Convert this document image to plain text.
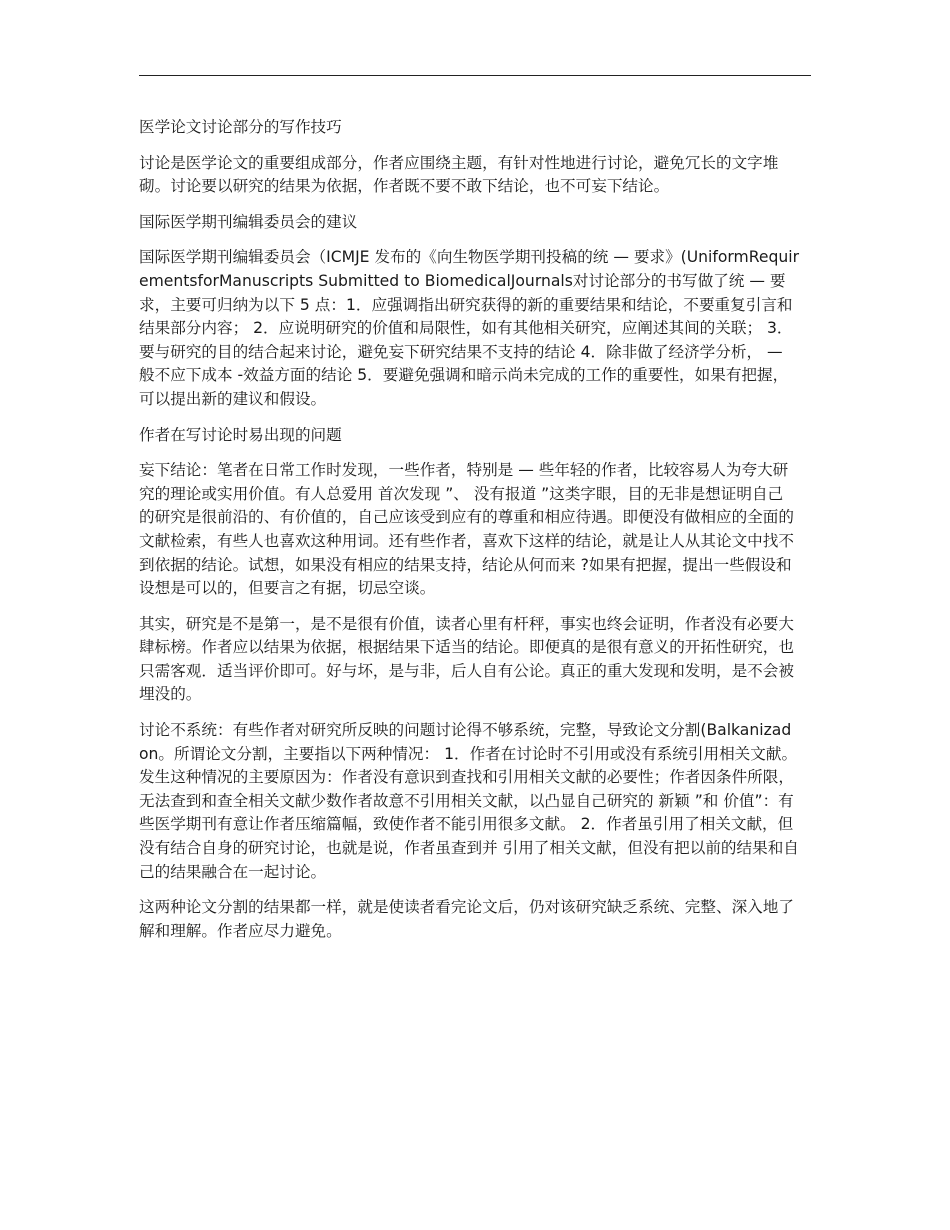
医学论文讨论部分的写作技巧

讨论是医学论文的重要组成部分，作者应围绕主题，有针对性地进行讨论，避免冗长的文字堆砌。讨论要以研究的结果为依据，作者既不要不敢下结论，也不可妄下结论。

国际医学期刊编辑委员会的建议

国际医学期刊编辑委员会（ICMJE 发布的《向生物医学期刊投稿的统 — 要求》(UniformRequirementsforManuscripts Submitted to BiomedicalJournals对讨论部分的书写做了统 — 要求，主要可归纳为以下 5 点：1．应强调指出研究获得的新的重要结果和结论，不要重复引言和结果部分内容； 2．应说明研究的价值和局限性，如有其他相关研究，应阐述其间的关联； 3．要与研究的目的结合起来讨论，避免妄下研究结果不支持的结论 4．除非做了经济学分析， — 般不应下成本 -效益方面的结论 5．要避免强调和暗示尚未完成的工作的重要性，如果有把握，可以提出新的建议和假设。

作者在写讨论时易出现的问题

妄下结论：笔者在日常工作时发现，一些作者，特别是 — 些年轻的作者，比较容易人为夸大研究的理论或实用价值。有人总爱用 首次发现 ”、 没有报道 ”这类字眼，目的无非是想证明自己 的研究是很前沿的、有价值的，自己应该受到应有的尊重和相应待遇。即便没有做相应的全面的文献检索，有些人也喜欢这种用词。还有些作者，喜欢下这样的结论，就是让人从其论文中找不到依据的结论。试想，如果没有相应的结果支持，结论从何而来 ?如果有把握，提出一些假设和设想是可以的，但要言之有据，切忌空谈。

其实，研究是不是第一，是不是很有价值，读者心里有杆秤，事实也终会证明，作者没有必要大肆标榜。作者应以结果为依据，根据结果下适当的结论。即便真的是很有意义的开拓性研究，也只需客观．适当评价即可。好与坏，是与非，后人自有公论。真正的重大发现和发明，是不会被埋没的。

讨论不系统：有些作者对研究所反映的问题讨论得不够系统，完整，导致论文分割(Balkanizadon。所谓论文分割，主要指以下两种情况： 1．作者在讨论时不引用或没有系统引用相关文献。发生这种情况的主要原因为：作者没有意识到查找和引用相关文献的必要性；作者因条件所限，无法查到和查全相关文献少数作者故意不引用相关文献，以凸显自己研究的 新颖 ”和 价值”：有些医学期刊有意让作者压缩篇幅，致使作者不能引用很多文献。 2．作者虽引用了相关文献，但没有结合自身的研究讨论，也就是说，作者虽查到并 引用了相关文献，但没有把以前的结果和自己的结果融合在一起讨论。

这两种论文分割的结果都一样，就是使读者看完论文后，仍对该研究缺乏系统、完整、深入地了解和理解。作者应尽力避免。
